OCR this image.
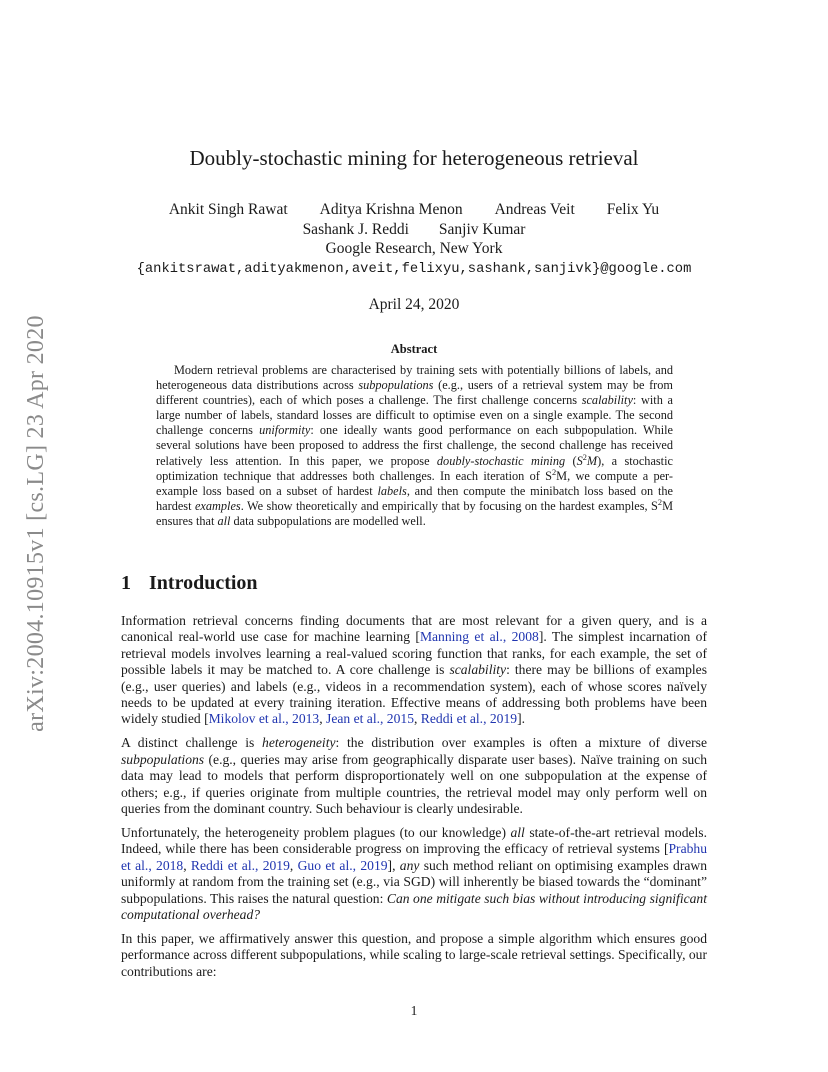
arXiv:2004.10915v1 [cs.LG] 23 Apr 2020
Doubly-stochastic mining for heterogeneous retrieval
Ankit Singh Rawat Aditya Krishna Menon Andreas Veit Felix Yu
Sashank J. Reddi Sanjiv Kumar
Google Research, New York
{ankitsrawat,adityakmenon,aveit,felixyu,sashank,sanjivk}@google.com
April 24, 2020
Abstract

Modern retrieval problems are characterised by training sets with potentially billions of labels, and heterogeneous data distributions across subpopulations (e.g., users of a retrieval system may be from different countries), each of which poses a challenge. The first challenge concerns scalability: with a large number of labels, standard losses are difficult to optimise even on a single example. The second challenge concerns uniformity: one ideally wants good performance on each subpopulation. While several solutions have been proposed to address the first challenge, the second challenge has received relatively less attention. In this paper, we propose doubly-stochastic mining $(S^2M)$, a stochastic optimization technique that addresses both challenges. In each iteration of $S^2M$, we compute a per-example loss based on a subset of hardest labels, and then compute the minibatch loss based on the hardest examples. We show theoretically and empirically that by focusing on the hardest examples, $S^2M$ ensures that all data subpopulations are modelled well.

1 Introduction

Information retrieval concerns finding documents that are most relevant for a given query, and is a canonical real-world use case for machine learning [Manning et al., 2008]. The simplest incarnation of retrieval models involves learning a real-valued scoring function that ranks, for each example, the set of possible labels it may be matched to. A core challenge is scalability: there may be billions of examples (e.g., user queries) and labels (e.g., videos in a recommendation system), each of whose scores naïvely needs to be updated at every training iteration. Effective means of addressing both problems have been widely studied [Mikolov et al., 2013, Jean et al., 2015, Reddi et al., 2019].

A distinct challenge is heterogeneity: the distribution over examples is often a mixture of diverse subpopulations (e.g., queries may arise from geographically disparate user bases). Naïve training on such data may lead to models that perform disproportionately well on one subpopulation at the expense of others; e.g., if queries originate from multiple countries, the retrieval model may only perform well on queries from the dominant country. Such behaviour is clearly undesirable.

Unfortunately, the heterogeneity problem plagues (to our knowledge) all state-of-the-art retrieval models. Indeed, while there has been considerable progress on improving the efficacy of retrieval systems [Prabhu et al., 2018, Reddi et al., 2019, Guo et al., 2019], any such method reliant on optimising examples drawn uniformly at random from the training set (e.g., via SGD) will inherently be biased towards the “dominant” subpopulations. This raises the natural question: Can one mitigate such bias without introducing significant computational overhead?

In this paper, we affirmatively answer this question, and propose a simple algorithm which ensures good performance across different subpopulations, while scaling to large-scale retrieval settings. Specifically, our contributions are:

1
